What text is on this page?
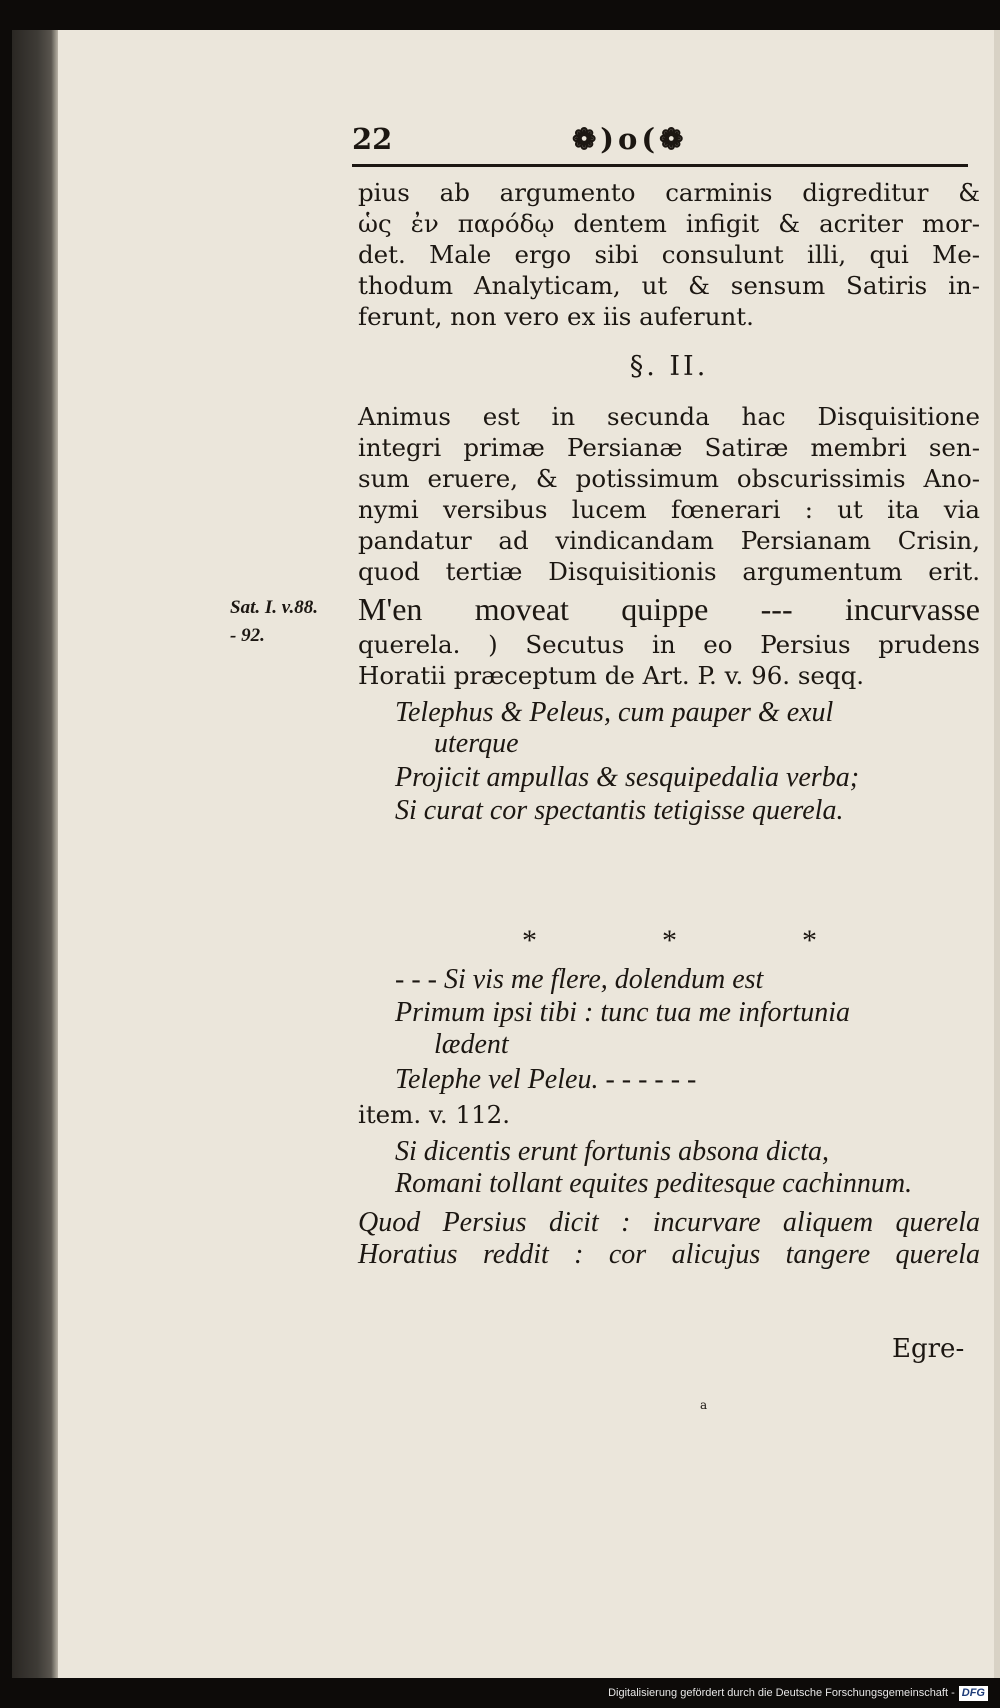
22	❁)o(❁
pius ab argumento carminis digreditur &
ὡς ἐν παρόδῳ dentem infigit & acriter mor-
det. Male ergo sibi consulunt illi, qui Me-
thodum Analyticam, ut & sensum Satiris in-
ferunt, non vero ex iis auferunt.
§. II.
Animus est in secunda hac Disquisitione
integri primæ Persianæ Satiræ membri sen-
sum eruere, & potissimum obscurissimis Ano-
nymi versibus lucem fœnerari : ut ita via
pandatur ad vindicandam Persianam Crisin,
quod tertiæ Disquisitionis argumentum erit.
Sat. I. v.88.
- 92.
M'en moveat quippe --- incurvasse
querela. ) Secutus in eo Persius prudens
Horatii præceptum de Art. P. v. 96. seqq.
Telephus & Peleus, cum pauper & exul
uterque
Projicit ampullas & sesquipedalia verba;
Si curat cor spectantis tetigisse querela.
*	*	*
- - - Si vis me flere, dolendum est
Primum ipsi tibi : tunc tua me infortunia
lædent
Telephe vel Peleu. - - - - - -
item. v. 112.
Si dicentis erunt fortunis absona dicta,
Romani tollant equites peditesque cachinnum.
Quod Persius dicit : incurvare aliquem querela
Horatius reddit : cor alicujus tangere querela
Egre-
a
Digitalisierung gefördert durch die Deutsche Forschungsgemeinschaft - DFG
